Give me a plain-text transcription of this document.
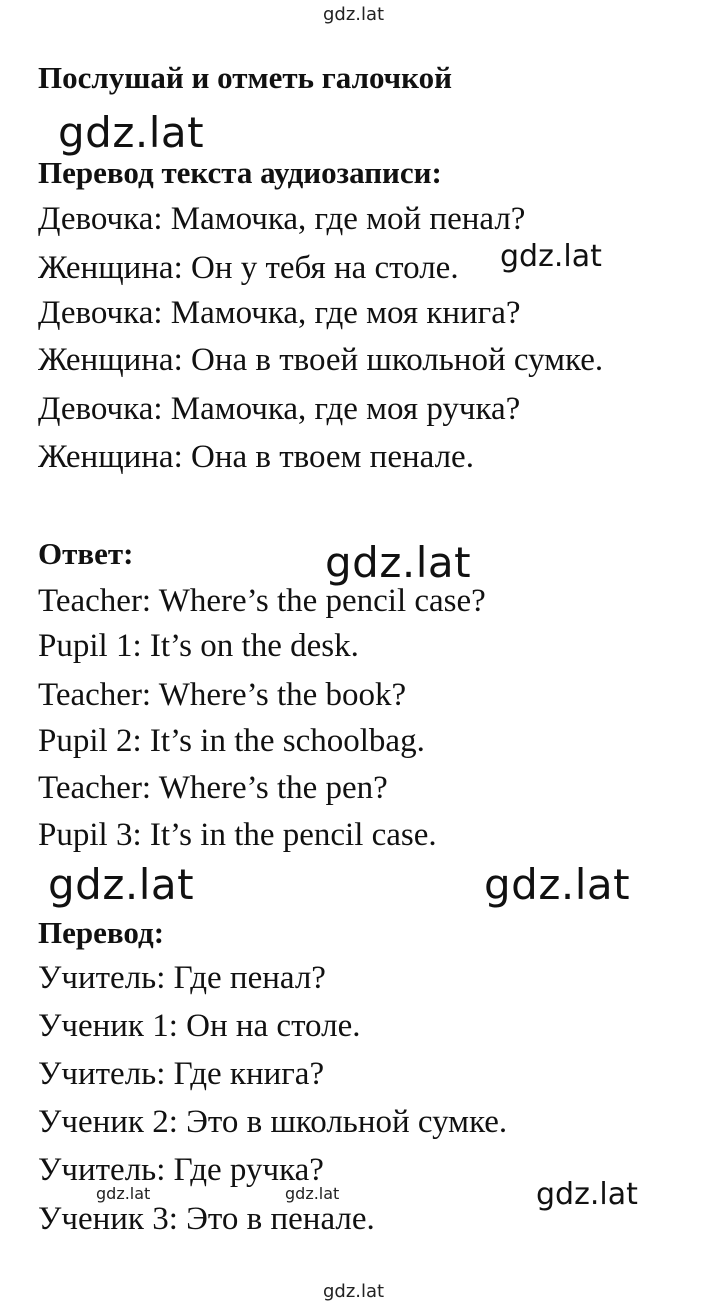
gdz.lat
Послушай и отметь галочкой
gdz.lat
Перевод текста аудиозаписи:
Девочка: Мамочка, где мой пенал?
Женщина: Он у тебя на столе. gdz.lat
Девочка: Мамочка, где моя книга?
Женщина: Она в твоей школьной сумке.
Девочка: Мамочка, где моя ручка?
Женщина: Она в твоем пенале.
Ответ:	gdz.lat
Teacher: Where’s the pencil case?
Pupil 1: It’s on the desk.
Teacher: Where’s the book?
Pupil 2: It’s in the schoolbag.
Teacher: Where’s the pen?
Pupil 3: It’s in the pencil case.
gdz.lat	gdz.lat
Перевод:
Учитель: Где пенал?
Ученик 1: Он на столе.
Учитель: Где книга?
Ученик 2: Это в школьной сумке.
Учитель: Где ручка?
gdz.lat	gdz.lat	gdz.lat
Ученик 3: Это в пенале.
gdz.lat
